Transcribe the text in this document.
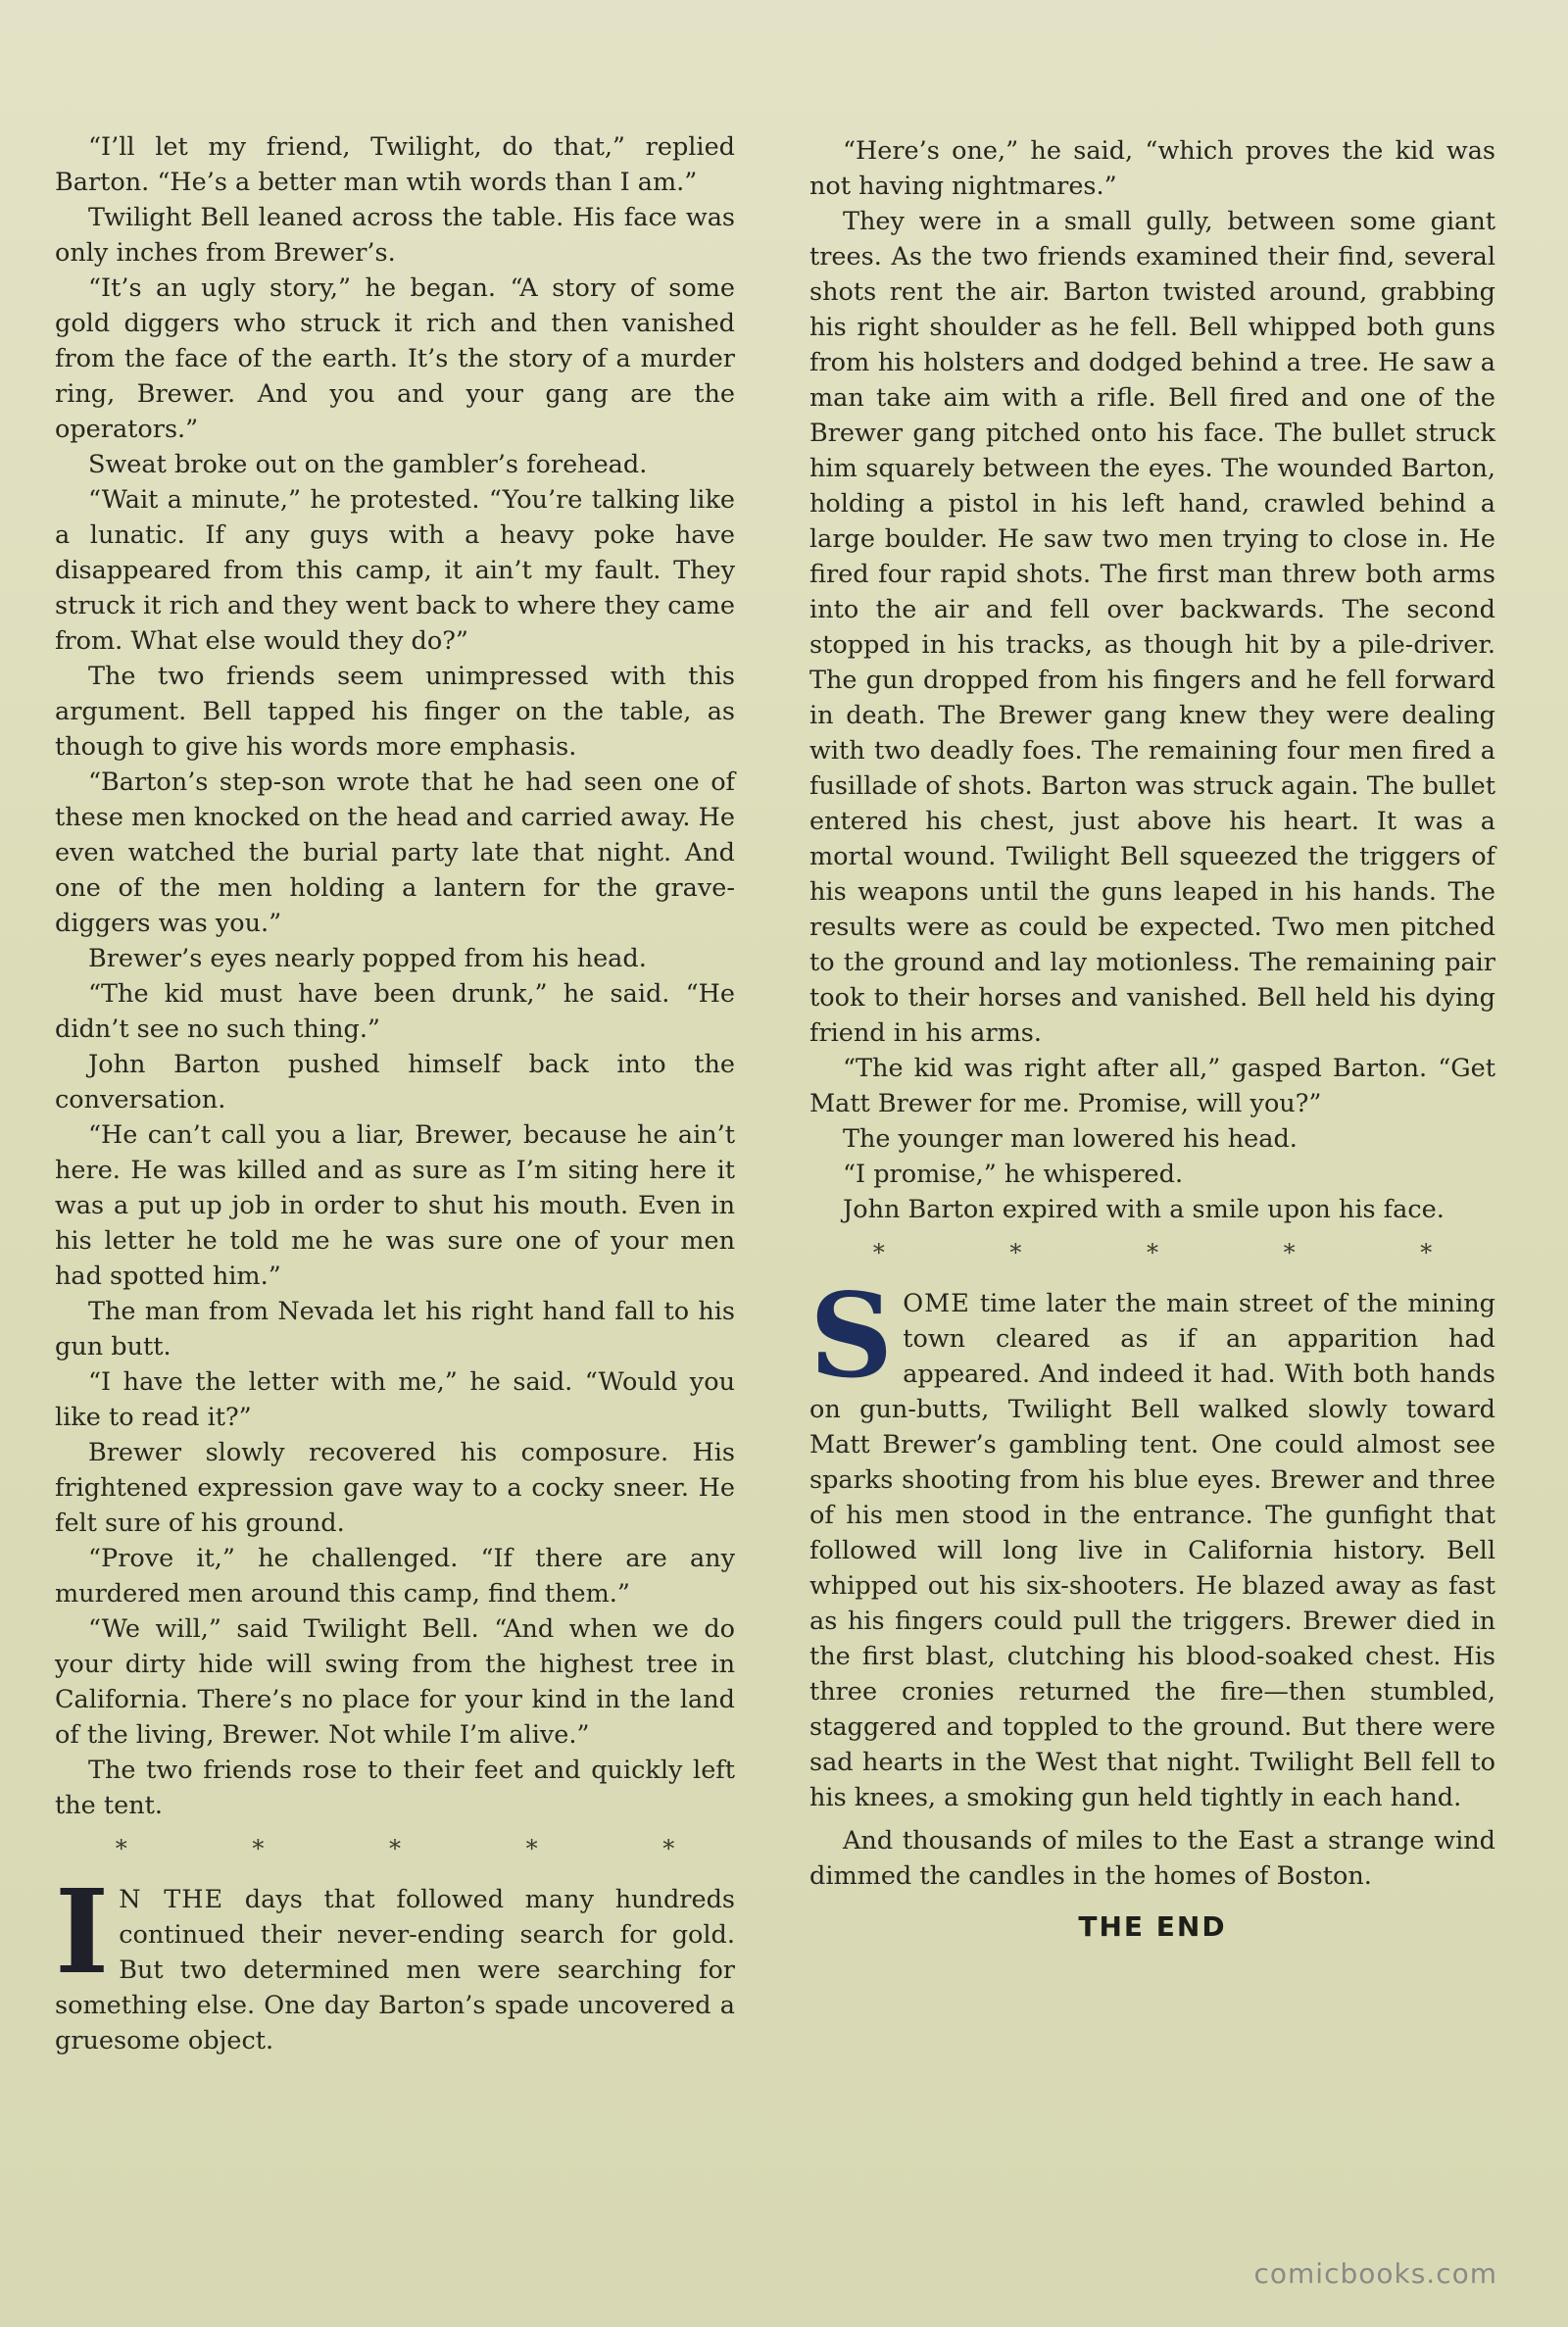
“I’ll let my friend, Twilight, do that,” replied Barton. “He’s a better man wtih words than I am.”

Twilight Bell leaned across the table. His face was only inches from Brewer’s.

“It’s an ugly story,” he began. “A story of some gold diggers who struck it rich and then vanished from the face of the earth. It’s the story of a murder ring, Brewer. And you and your gang are the operators.”

Sweat broke out on the gambler’s forehead.

“Wait a minute,” he protested. “You’re talking like a lunatic. If any guys with a heavy poke have disappeared from this camp, it ain’t my fault. They struck it rich and they went back to where they came from. What else would they do?”

The two friends seem unimpressed with this argument. Bell tapped his finger on the table, as though to give his words more emphasis.

“Barton’s step-son wrote that he had seen one of these men knocked on the head and carried away. He even watched the burial party late that night. And one of the men holding a lantern for the grave-diggers was you.”

Brewer’s eyes nearly popped from his head.

“The kid must have been drunk,” he said. “He didn’t see no such thing.”

John Barton pushed himself back into the conversation.

“He can’t call you a liar, Brewer, because he ain’t here. He was killed and as sure as I’m siting here it was a put up job in order to shut his mouth. Even in his letter he told me he was sure one of your men had spotted him.”

The man from Nevada let his right hand fall to his gun butt.

“I have the letter with me,” he said. “Would you like to read it?”

Brewer slowly recovered his composure. His frightened expression gave way to a cocky sneer. He felt sure of his ground.

“Prove it,” he challenged. “If there are any murdered men around this camp, find them.”

“We will,” said Twilight Bell. “And when we do your dirty hide will swing from the highest tree in California. There’s no place for your kind in the land of the living, Brewer. Not while I’m alive.”

The two friends rose to their feet and quickly left the tent.

* * * * *

I N THE days that followed many hundreds continued their never-ending search for gold. But two determined men were searching for something else. One day Barton’s spade uncovered a gruesome object.

“Here’s one,” he said, “which proves the kid was not having nightmares.”

They were in a small gully, between some giant trees. As the two friends examined their find, several shots rent the air. Barton twisted around, grabbing his right shoulder as he fell. Bell whipped both guns from his holsters and dodged behind a tree. He saw a man take aim with a rifle. Bell fired and one of the Brewer gang pitched onto his face. The bullet struck him squarely between the eyes. The wounded Barton, holding a pistol in his left hand, crawled behind a large boulder. He saw two men trying to close in. He fired four rapid shots. The first man threw both arms into the air and fell over backwards. The second stopped in his tracks, as though hit by a pile-driver. The gun dropped from his fingers and he fell forward in death. The Brewer gang knew they were dealing with two deadly foes. The remaining four men fired a fusillade of shots. Barton was struck again. The bullet entered his chest, just above his heart. It was a mortal wound. Twilight Bell squeezed the triggers of his weapons until the guns leaped in his hands. The results were as could be expected. Two men pitched to the ground and lay motionless. The remaining pair took to their horses and vanished. Bell held his dying friend in his arms.

“The kid was right after all,” gasped Barton. “Get Matt Brewer for me. Promise, will you?”

The younger man lowered his head.

“I promise,” he whispered.

John Barton expired with a smile upon his face.

* * * * *

SOME time later the main street of the mining town cleared as if an apparition had appeared. And indeed it had. With both hands on gun-butts, Twilight Bell walked slowly toward Matt Brewer’s gambling tent. One could almost see sparks shooting from his blue eyes. Brewer and three of his men stood in the entrance. The gunfight that followed will long live in California history. Bell whipped out his six-shooters. He blazed away as fast as his fingers could pull the triggers. Brewer died in the first blast, clutching his blood-soaked chest. His three cronies returned the fire—then stumbled, staggered and toppled to the ground. But there were sad hearts in the West that night. Twilight Bell fell to his knees, a smoking gun held tightly in each hand.

And thousands of miles to the East a strange wind dimmed the candles in the homes of Boston.

THE END
comicbooks.com
